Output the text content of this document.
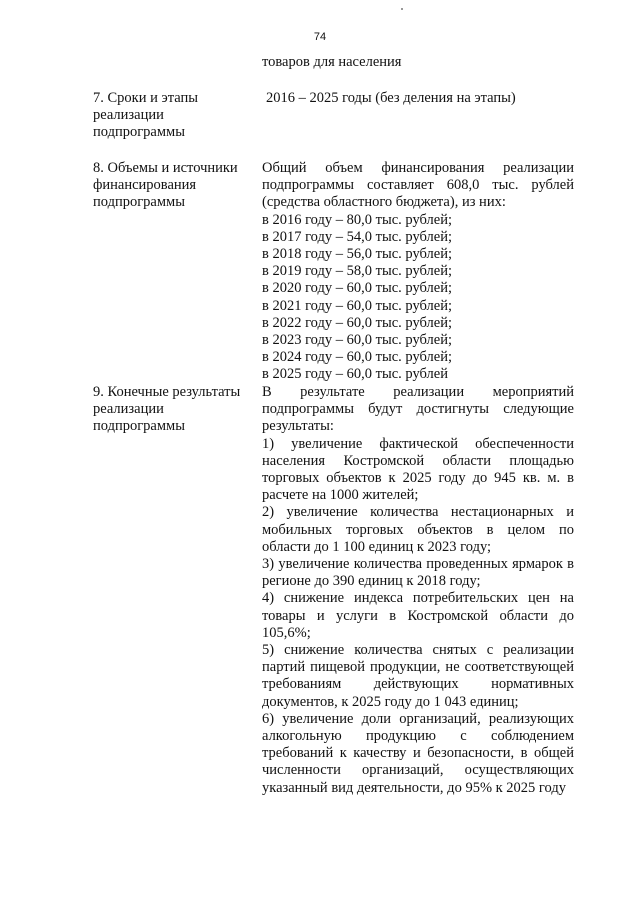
74
товаров для населения
7. Сроки и этапы реализации подпрограммы
2016 – 2025 годы (без деления на этапы)
8. Объемы и источники финансирования подпрограммы

Общий объем финансирования реализации подпрограммы составляет 608,0 тыс. рублей (средства областного бюджета), из них:

в 2016 году – 80,0 тыс. рублей;
в 2017 году – 54,0 тыс. рублей;
в 2018 году – 56,0 тыс. рублей;
в 2019 году – 58,0 тыс. рублей;
в 2020 году – 60,0 тыс. рублей;
в 2021 году – 60,0 тыс. рублей;
в 2022 году – 60,0 тыс. рублей;
в 2023 году – 60,0 тыс. рублей;
в 2024 году – 60,0 тыс. рублей;
в 2025 году – 60,0 тыс. рублей
9. Конечные результаты реализации подпрограммы

В результате реализации мероприятий подпрограммы будут достигнуты следующие результаты:

1) увеличение фактической обеспеченности населения Костромской области площадью торговых объектов к 2025 году до 945 кв. м. в расчете на 1000 жителей;

2) увеличение количества нестационарных и мобильных торговых объектов в целом по области до 1 100 единиц к 2023 году;

3) увеличение количества проведенных ярмарок в регионе до 390 единиц к 2018 году;

4) снижение индекса потребительских цен на товары и услуги в Костромской области до 105,6%;

5) снижение количества снятых с реализации партий пищевой продукции, не соответствующей требованиям действующих нормативных документов, к 2025 году до 1 043 единиц;

6) увеличение доли организаций, реализующих алкогольную продукцию с соблюдением требований к качеству и безопасности, в общей численности организаций, осуществляющих указанный вид деятельности, до 95% к 2025 году
